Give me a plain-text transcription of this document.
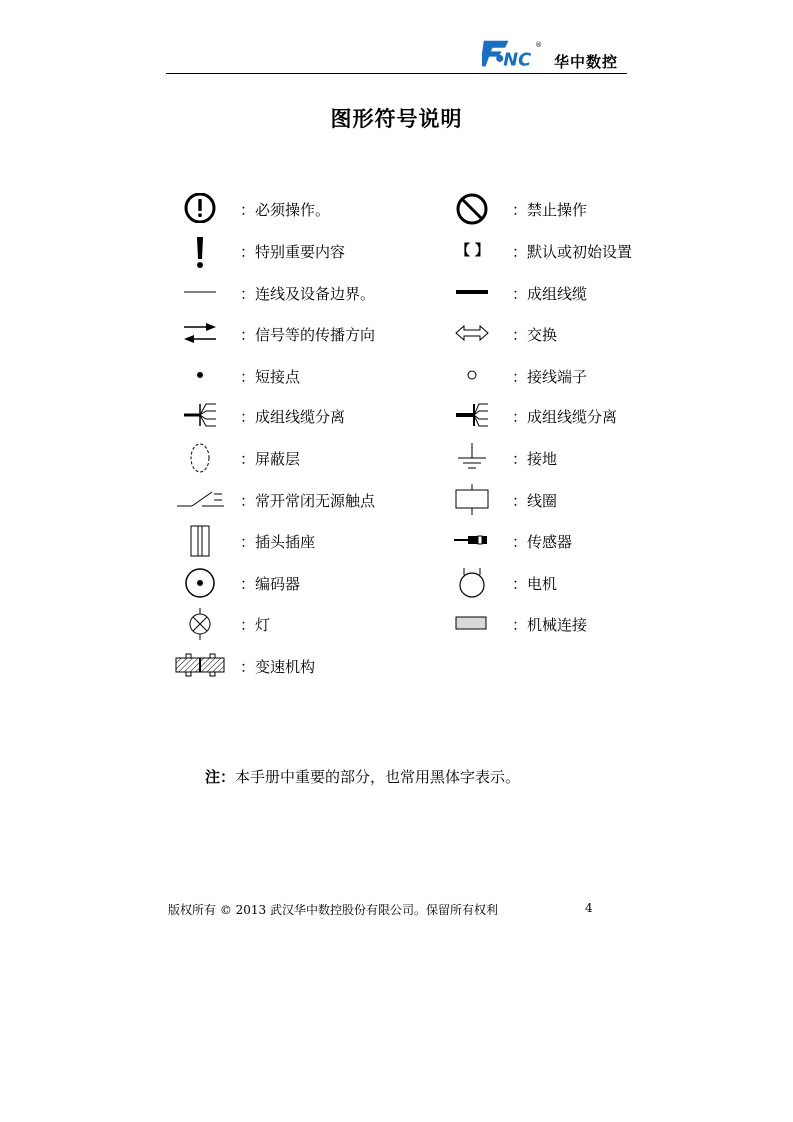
NC
®
华中数控
图形符号说明
：必须操作。
：特别重要内容
：连线及设备边界。
：信号等的传播方向
：短接点
：成组线缆分离
：屏蔽层
：常开常闭无源触点
：插头插座
：编码器
：灯
：变速机构
：禁止操作
【 】 ：默认或初始设置
：成组线缆
：交换
：接线端子
：成组线缆分离
：接地
：线圈
：传感器
：电机
：机械连接
注：本手册中重要的部分，也常用黑体字表示。
版权所有 © 2013 武汉华中数控股份有限公司。保留所有权利	4
